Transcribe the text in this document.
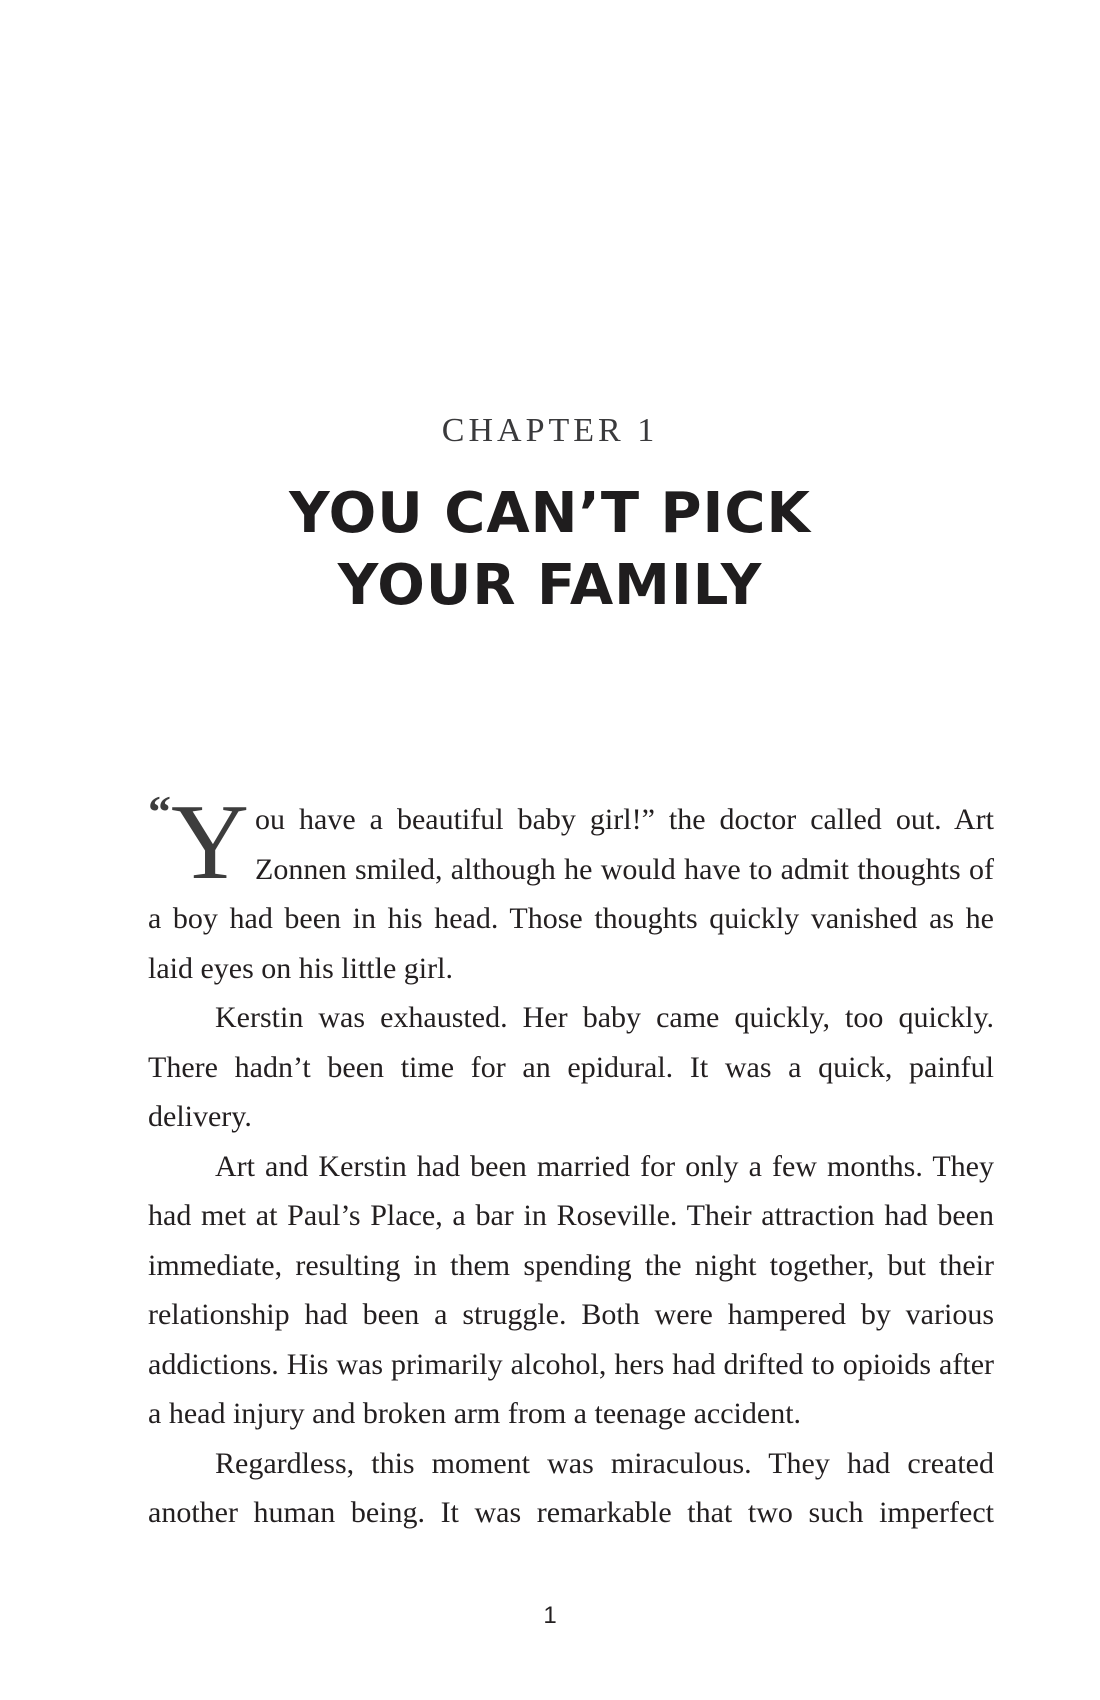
CHAPTER 1
YOU CAN’T PICK
YOUR FAMILY

“Y ou have a beautiful baby girl!” the doctor called out. Art Zonnen smiled, although he would have to admit thoughts of a boy had been in his head. Those thoughts quickly vanished as he laid eyes on his little girl.

Kerstin was exhausted. Her baby came quickly, too quickly. There hadn’t been time for an epidural. It was a quick, painful delivery.

Art and Kerstin had been married for only a few months. They had met at Paul’s Place, a bar in Roseville. Their attraction had been immediate, resulting in them spending the night together, but their relationship had been a struggle. Both were hampered by various addictions. His was primarily alcohol, hers had drifted to opioids after a head injury and broken arm from a teenage accident.

Regardless, this moment was miraculous. They had created another human being. It was remarkable that two such imperfect

1
